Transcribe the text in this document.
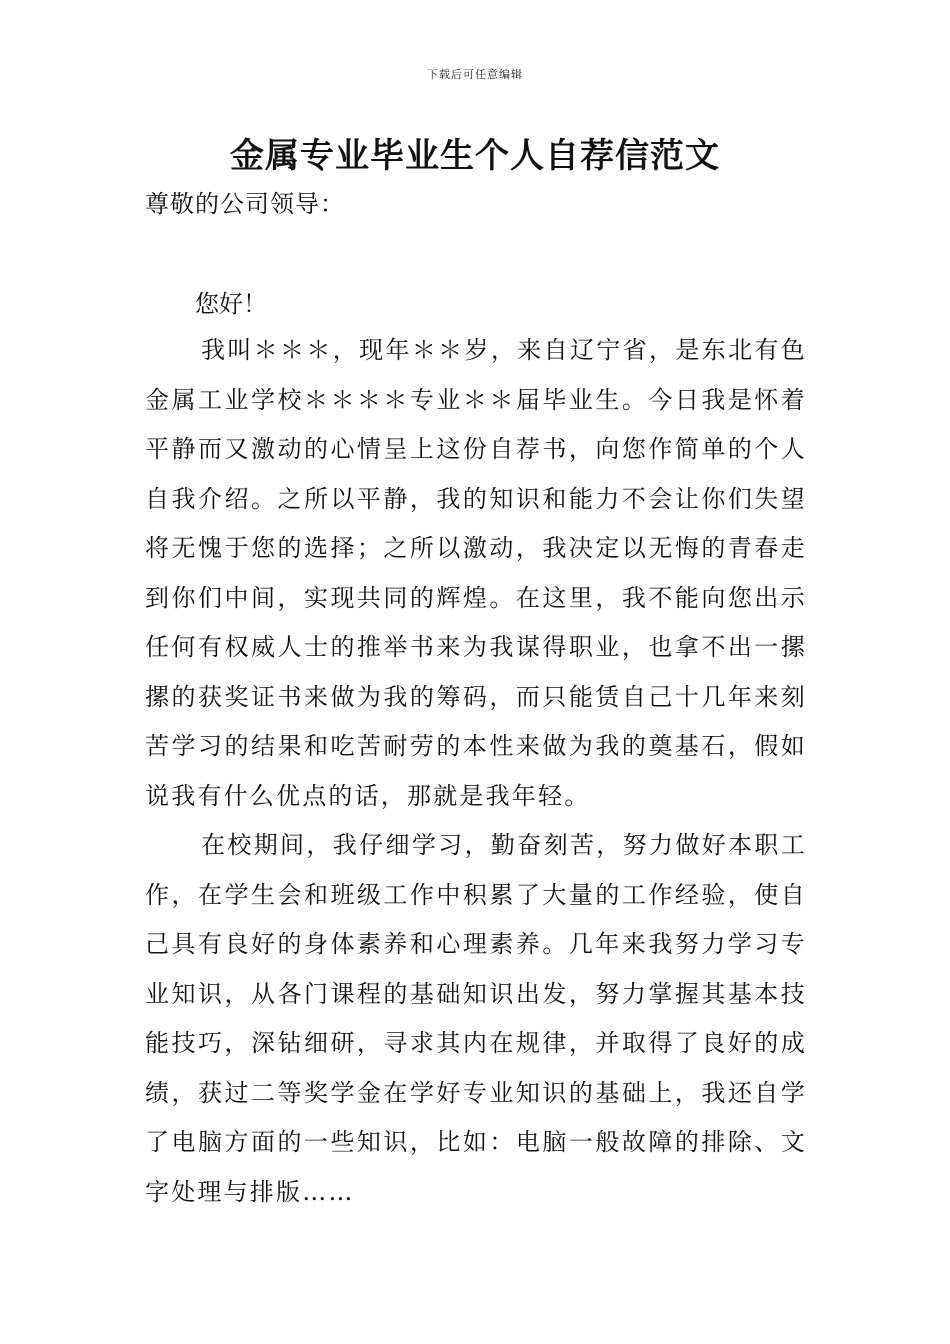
下载后可任意编辑
金属专业毕业生个人自荐信范文
尊敬的公司领导：
您好！

我叫＊＊＊，现年＊＊岁，来自辽宁省，是东北有色金属工业学校＊＊＊＊专业＊＊届毕业生。今日我是怀着平静而又激动的心情呈上这份自荐书，向您作简单的个人自我介绍。之所以平静，我的知识和能力不会让你们失望将无愧于您的选择；之所以激动，我决定以无悔的青春走到你们中间，实现共同的辉煌。在这里，我不能向您出示任何有权威人士的推举书来为我谋得职业，也拿不出一摞摞的获奖证书来做为我的筹码，而只能赁自己十几年来刻苦学习的结果和吃苦耐劳的本性来做为我的奠基石，假如说我有什么优点的话，那就是我年轻。

在校期间，我仔细学习，勤奋刻苦，努力做好本职工作，在学生会和班级工作中积累了大量的工作经验，使自己具有良好的身体素养和心理素养。几年来我努力学习专业知识，从各门课程的基础知识出发，努力掌握其基本技能技巧，深钻细研，寻求其内在规律，并取得了良好的成绩，获过二等奖学金在学好专业知识的基础上，我还自学了电脑方面的一些知识，比如：电脑一般故障的排除、文字处理与排版……
